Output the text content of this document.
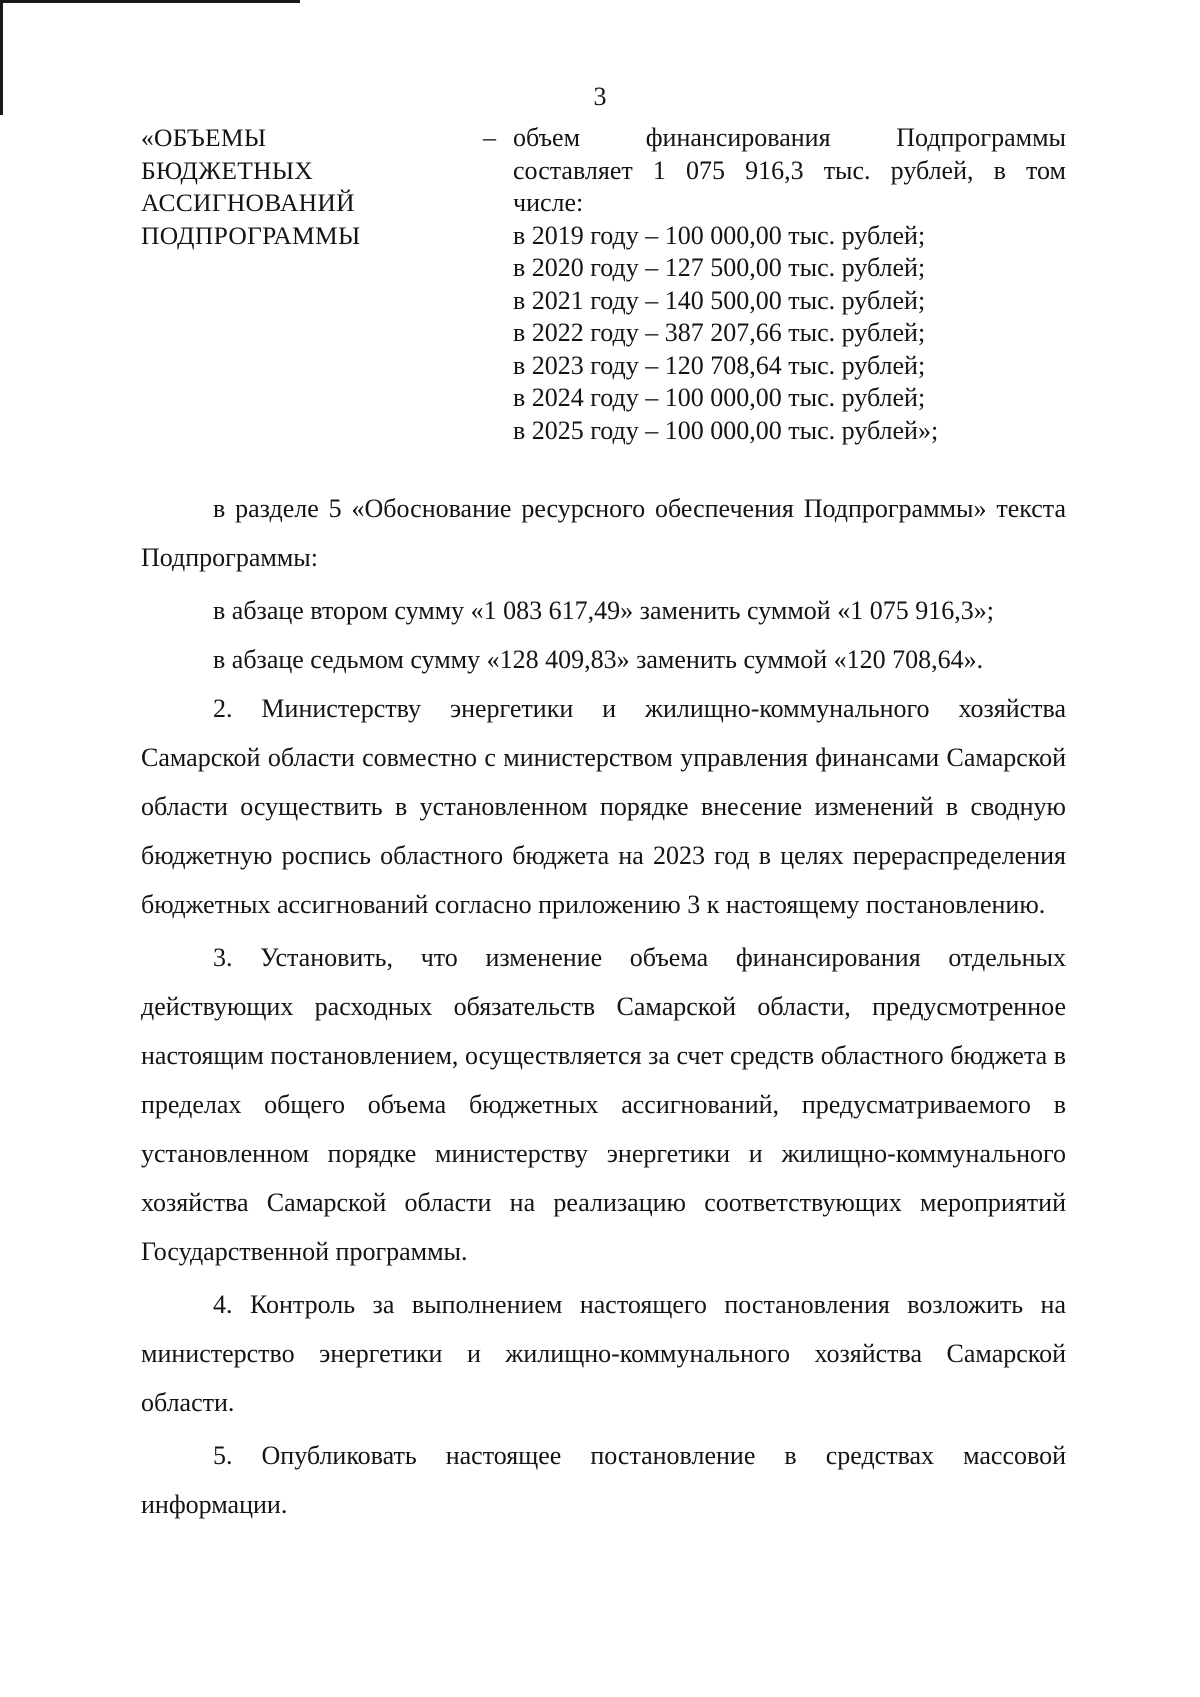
3
«ОБЪЕМЫ
БЮДЖЕТНЫХ
АССИГНОВАНИЙ
ПОДПРОГРАММЫ
– объем финансирования Подпрограммы
составляет 1 075 916,3 тыс. рублей, в том
числе:
в 2019 году – 100 000,00 тыс. рублей;
в 2020 году – 127 500,00 тыс. рублей;
в 2021 году – 140 500,00 тыс. рублей;
в 2022 году – 387 207,66 тыс. рублей;
в 2023 году – 120 708,64 тыс. рублей;
в 2024 году – 100 000,00 тыс. рублей;
в 2025 году – 100 000,00 тыс. рублей»;

в разделе 5 «Обоснование ресурсного обеспечения Подпрограммы» текста Подпрограммы:

в абзаце втором сумму «1 083 617,49» заменить суммой «1 075 916,3»;

в абзаце седьмом сумму «128 409,83» заменить суммой «120 708,64».

2. Министерству энергетики и жилищно-коммунального хозяйства Самарской области совместно с министерством управления финансами Самарской области осуществить в установленном порядке внесение изменений в сводную бюджетную роспись областного бюджета на 2023 год в целях перераспределения бюджетных ассигнований согласно приложению 3 к настоящему постановлению.

3. Установить, что изменение объема финансирования отдельных действующих расходных обязательств Самарской области, предусмотренное настоящим постановлением, осуществляется за счет средств областного бюджета в пределах общего объема бюджетных ассигнований, предусматриваемого в установленном порядке министерству энергетики и жилищно-коммунального хозяйства Самарской области на реализацию соответствующих мероприятий Государственной программы.

4. Контроль за выполнением настоящего постановления возложить на министерство энергетики и жилищно-коммунального хозяйства Самарской области.

5. Опубликовать настоящее постановление в средствах массовой информации.
